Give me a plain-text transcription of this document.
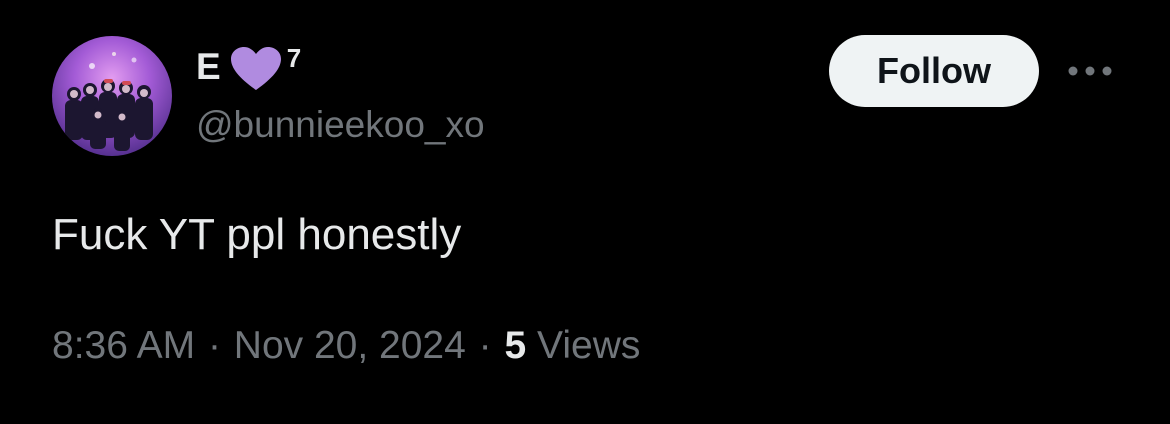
E	7
@bunnieekoo_xo
Follow
Fuck YT ppl honestly
8:36 AM · Nov 20, 2024 · 5 Views
